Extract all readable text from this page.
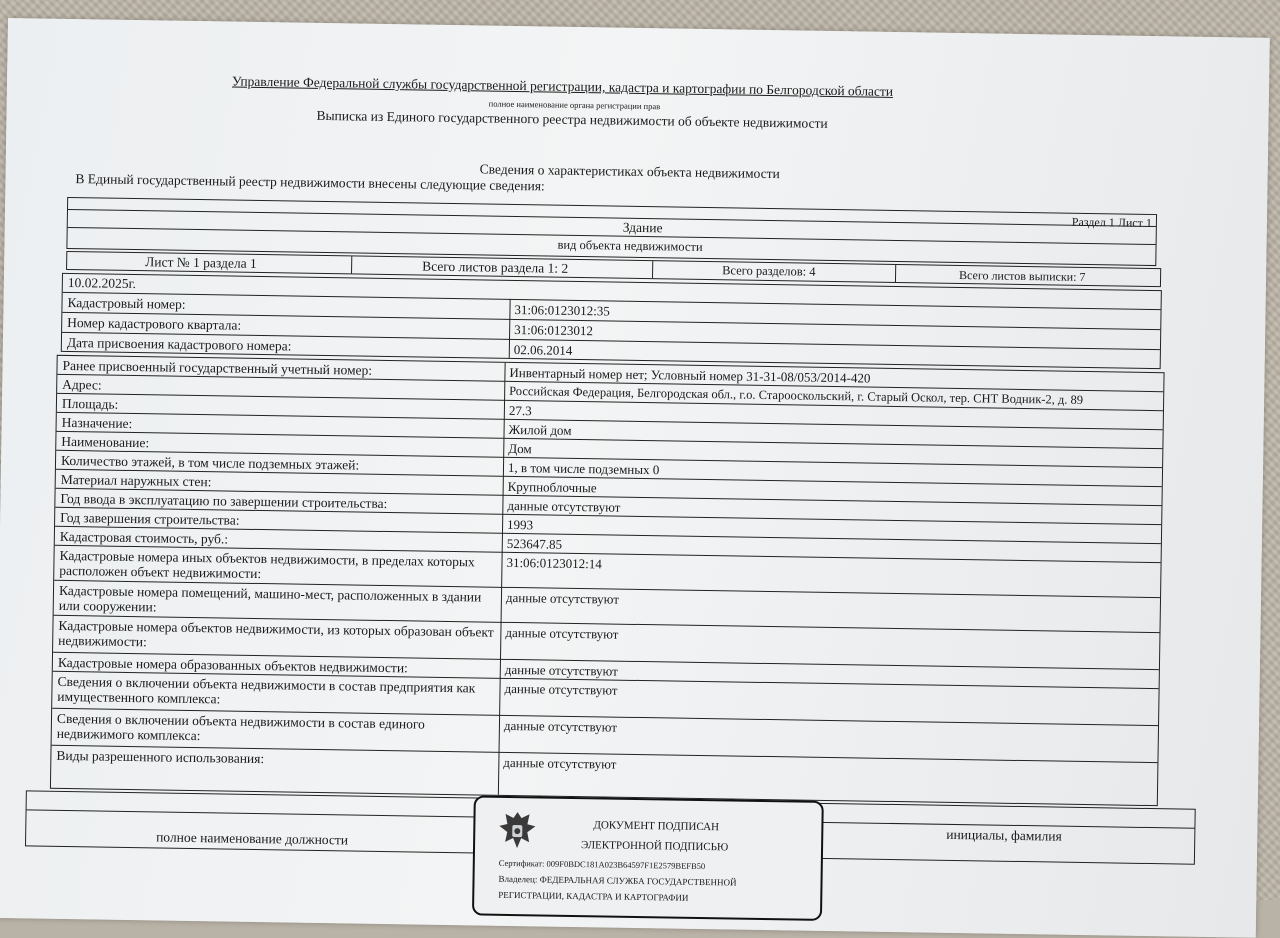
Управление Федеральной службы государственной регистрации, кадастра и картографии по Белгородской области
полное наименование органа регистрации прав
Выписка из Единого государственного реестра недвижимости об объекте недвижимости
Сведения о характеристиках объекта недвижимости
В Единый государственный реестр недвижимости внесены следующие сведения:
Раздел 1 Лист 1
Здание
вид объекта недвижимости
Лист № 1 раздела 1	Всего листов раздела 1: 2	Всего разделов: 4	Всего листов выписки: 7
10.02.2025г.
Кадастровый номер:	31:06:0123012:35
Номер кадастрового квартала:	31:06:0123012
Дата присвоения кадастрового номера:	02.06.2014
Ранее присвоенный государственный учетный номер:	Инвентарный номер нет; Условный номер 31-31-08/053/2014-420
Адрес:	Российская Федерация, Белгородская обл., г.о. Старооскольский, г. Старый Оскол, тер. СНТ Водник-2, д. 89
Площадь:	27.3
Назначение:	Жилой дом
Наименование:	Дом
Количество этажей, в том числе подземных этажей:	1, в том числе подземных 0
Материал наружных стен:	Крупноблочные
Год ввода в эксплуатацию по завершении строительства:	данные отсутствуют
Год завершения строительства:	1993
Кадастровая стоимость, руб.:	523647.85
Кадастровые номера иных объектов недвижимости, в пределах которых расположен объект недвижимости:	31:06:0123012:14
Кадастровые номера помещений, машино-мест, расположенных в здании или сооружении:	данные отсутствуют
Кадастровые номера объектов недвижимости, из которых образован объект недвижимости:	данные отсутствуют
Кадастровые номера образованных объектов недвижимости:	данные отсутствуют
Сведения о включении объекта недвижимости в состав предприятия как имущественного комплекса:	данные отсутствуют
Сведения о включении объекта недвижимости в состав единого недвижимого комплекса:	данные отсутствуют
Виды разрешенного использования:	данные отсутствуют
полное наименование должности	инициалы, фамилия
ДОКУМЕНТ ПОДПИСАН
ЭЛЕКТРОННОЙ ПОДПИСЬЮ
Сертификат: 009F0BDC181A023B64597F1E2579BEFB50
Владелец: ФЕДЕРАЛЬНАЯ СЛУЖБА ГОСУДАРСТВЕННОЙ
РЕГИСТРАЦИИ, КАДАСТРА И КАРТОГРАФИИ
